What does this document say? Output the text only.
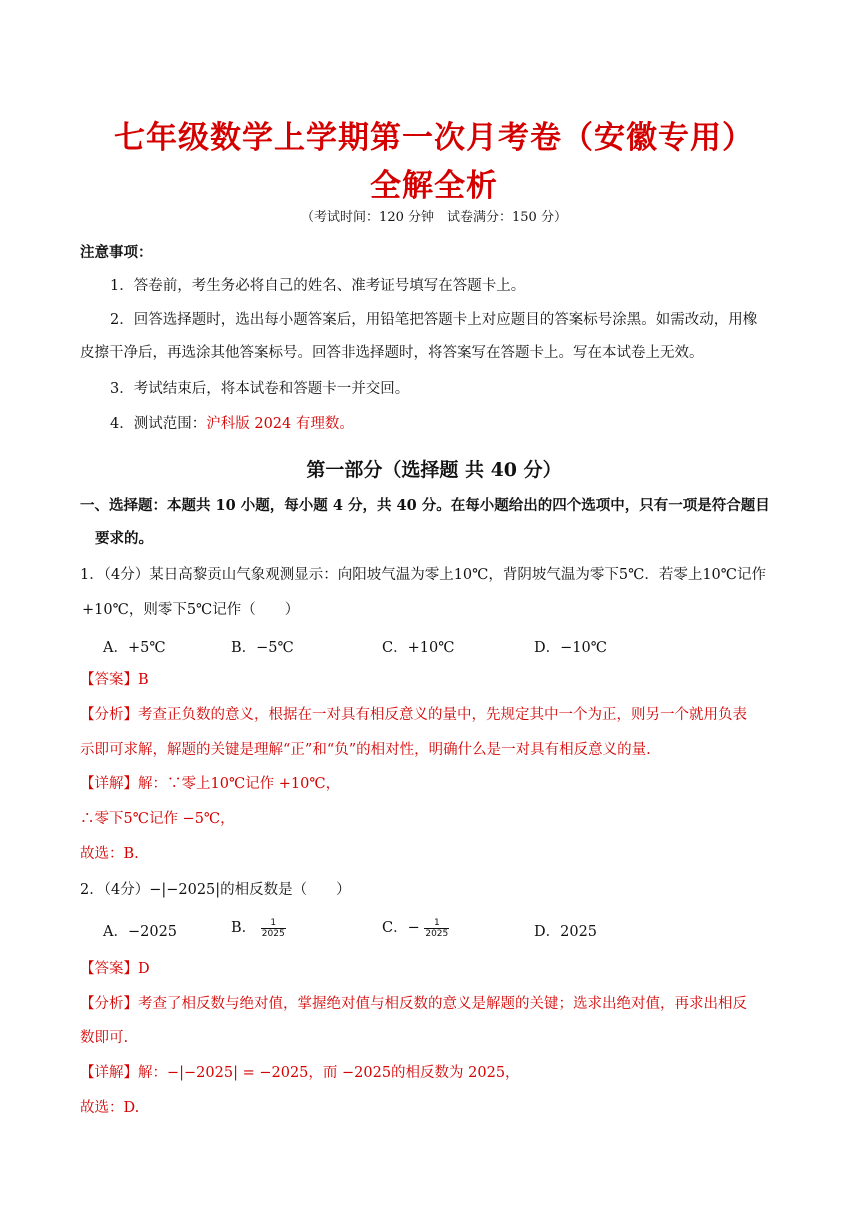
七年级数学上学期第一次月考卷（安徽专用）
全解全析
（考试时间：120 分钟　试卷满分：150 分）
注意事项：
1．答卷前，考生务必将自己的姓名、准考证号填写在答题卡上。
2．回答选择题时，选出每小题答案后，用铅笔把答题卡上对应题目的答案标号涂黑。如需改动，用橡
皮擦干净后，再选涂其他答案标号。回答非选择题时，将答案写在答题卡上。写在本试卷上无效。
3．考试结束后，将本试卷和答题卡一并交回。
4．测试范围：沪科版 2024 有理数。
第一部分（选择题 共 40 分）
一、选择题：本题共 10 小题，每小题 4 分，共 40 分。在每小题给出的四个选项中，只有一项是符合题目
要求的。
1．（4分）某日高黎贡山气象观测显示：向阳坡气温为零上10℃，背阴坡气温为零下5℃．若零上10℃记作
+10℃，则零下5℃记作（　　）
A．+5℃	B．−5℃	C．+10℃	D．−10℃
【答案】B
【分析】考查正负数的意义，根据在一对具有相反意义的量中，先规定其中一个为正，则另一个就用负表
示即可求解，解题的关键是理解“正”和“负”的相对性，明确什么是一对具有相反意义的量.
【详解】解：∵零上10℃记作 +10℃，
∴零下5℃记作 −5℃，
故选：B.
2．（4分）−|−2025|的相反数是（　　）
A．−2025	B． $\frac{1}{2025}$	C．− $\frac{1}{2025}$	D．2025
【答案】D
【分析】考查了相反数与绝对值，掌握绝对值与相反数的意义是解题的关键；选求出绝对值，再求出相反
数即可.
【详解】解：−|−2025| = −2025，而 −2025的相反数为 2025，
故选：D.
